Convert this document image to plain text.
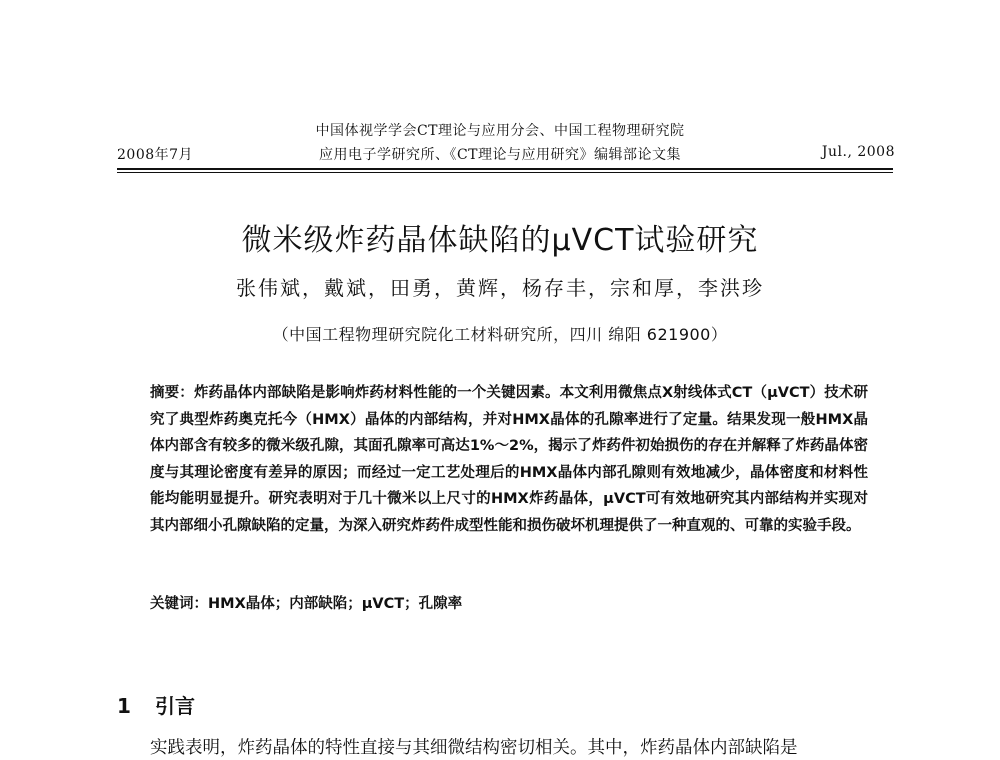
中国体视学学会CT理论与应用分会、中国工程物理研究院
2008年7月	应用电子学研究所、《CT理论与应用研究》编辑部论文集	Jul., 2008
微米级炸药晶体缺陷的μVCT试验研究
张伟斌，戴斌，田勇，黄辉，杨存丰，宗和厚，李洪珍
（中国工程物理研究院化工材料研究所，四川 绵阳 621900）
摘要：炸药晶体内部缺陷是影响炸药材料性能的一个关键因素。本文利用微焦点X射线体式CT（μVCT）技术研究了典型炸药奥克托今（HMX）晶体的内部结构，并对HMX晶体的孔隙率进行了定量。结果发现一般HMX晶体内部含有较多的微米级孔隙，其面孔隙率可高达1%～2%，揭示了炸药件初始损伤的存在并解释了炸药晶体密度与其理论密度有差异的原因；而经过一定工艺处理后的HMX晶体内部孔隙则有效地减少，晶体密度和材料性能均能明显提升。研究表明对于几十微米以上尺寸的HMX炸药晶体，μVCT可有效地研究其内部结构并实现对其内部细小孔隙缺陷的定量，为深入研究炸药件成型性能和损伤破坏机理提供了一种直观的、可靠的实验手段。
关键词：HMX晶体；内部缺陷；μVCT；孔隙率
1 引言
实践表明，炸药晶体的特性直接与其细微结构密切相关。其中，炸药晶体内部缺陷是
